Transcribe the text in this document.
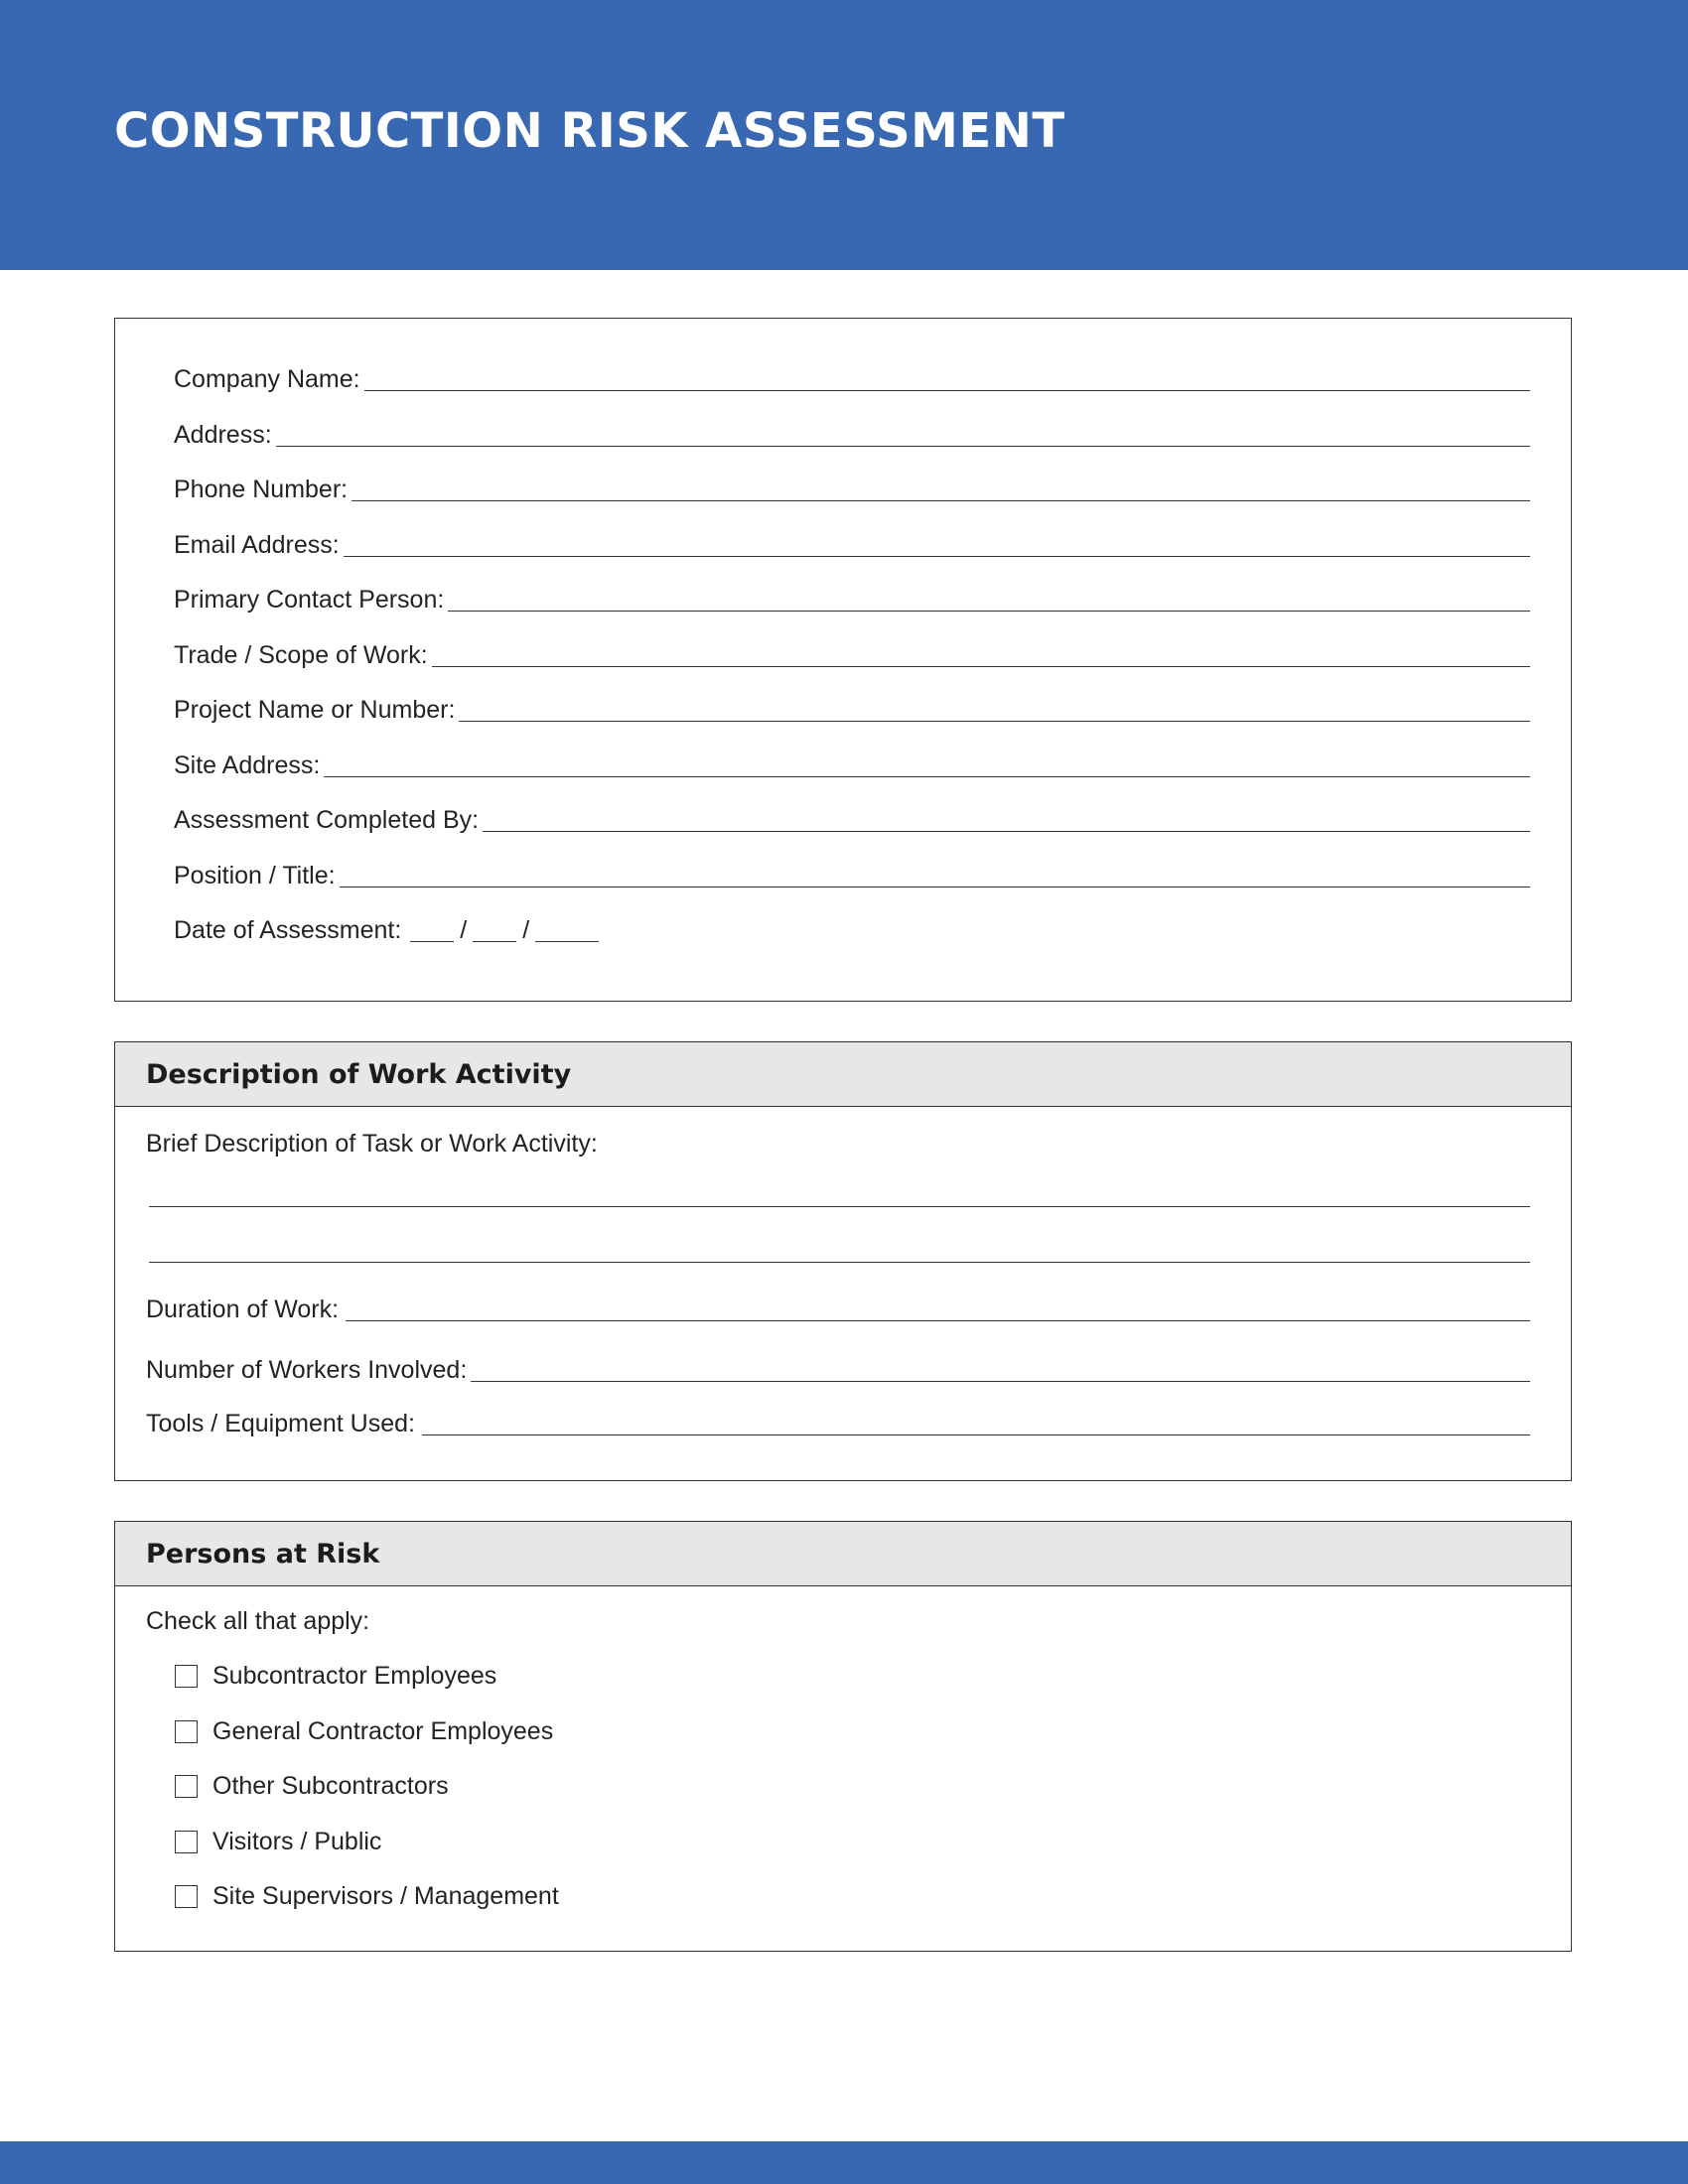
CONSTRUCTION RISK ASSESSMENT
Company Name:
Address:
Phone Number:
Email Address:
Primary Contact Person:
Trade / Scope of Work:
Project Name or Number:
Site Address:
Assessment Completed By:
Position / Title:
Date of Assessment: / /
Description of Work Activity
Brief Description of Task or Work Activity:
Duration of Work:
Number of Workers Involved:
Tools / Equipment Used:
Persons at Risk
Check all that apply:
Subcontractor Employees
General Contractor Employees
Other Subcontractors
Visitors / Public
Site Supervisors / Management
